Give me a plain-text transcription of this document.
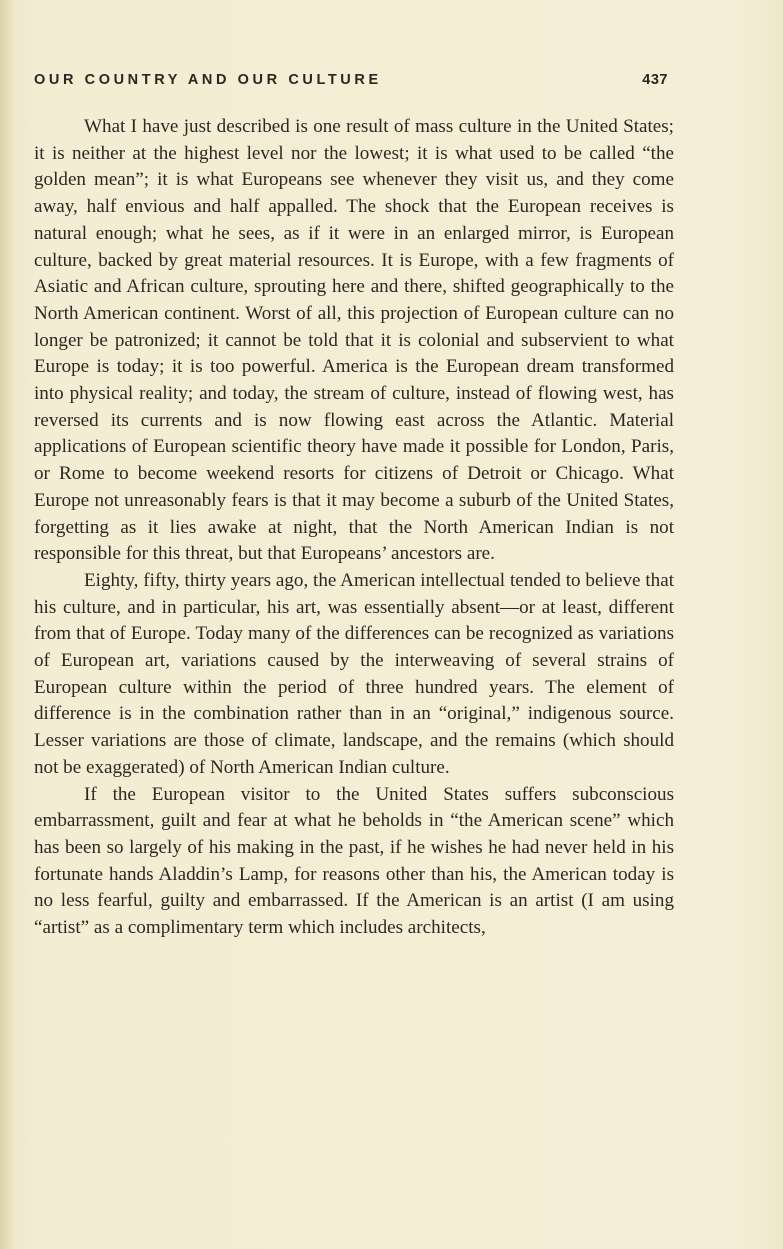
OUR COUNTRY AND OUR CULTURE	437

What I have just described is one result of mass culture in the United States; it is neither at the highest level nor the lowest; it is what used to be called “the golden mean”; it is what Europeans see whenever they visit us, and they come away, half envious and half appalled. The shock that the European receives is natural enough; what he sees, as if it were in an enlarged mirror, is European culture, backed by great material resources. It is Europe, with a few fragments of Asiatic and African culture, sprouting here and there, shifted geographically to the North American continent. Worst of all, this projection of European culture can no longer be patronized; it cannot be told that it is colonial and subservient to what Europe is today; it is too powerful. America is the European dream transformed into physical reality; and today, the stream of culture, instead of flowing west, has reversed its currents and is now flowing east across the Atlantic. Material applications of European scientific theory have made it possible for London, Paris, or Rome to become weekend resorts for citizens of Detroit or Chicago. What Europe not unreasonably fears is that it may become a suburb of the United States, forgetting as it lies awake at night, that the North American Indian is not responsible for this threat, but that Europeans’ ancestors are.

Eighty, fifty, thirty years ago, the American intellectual tended to believe that his culture, and in particular, his art, was essentially absent—or at least, different from that of Europe. Today many of the differences can be recognized as variations of European art, variations caused by the interweaving of several strains of European culture within the period of three hundred years. The element of difference is in the combination rather than in an “original,” indigenous source. Lesser variations are those of climate, landscape, and the remains (which should not be exaggerated) of North American Indian culture.

If the European visitor to the United States suffers subconscious embarrassment, guilt and fear at what he beholds in “the American scene” which has been so largely of his making in the past, if he wishes he had never held in his fortunate hands Aladdin’s Lamp, for reasons other than his, the American today is no less fearful, guilty and embarrassed. If the American is an artist (I am using “artist” as a complimentary term which includes architects,
